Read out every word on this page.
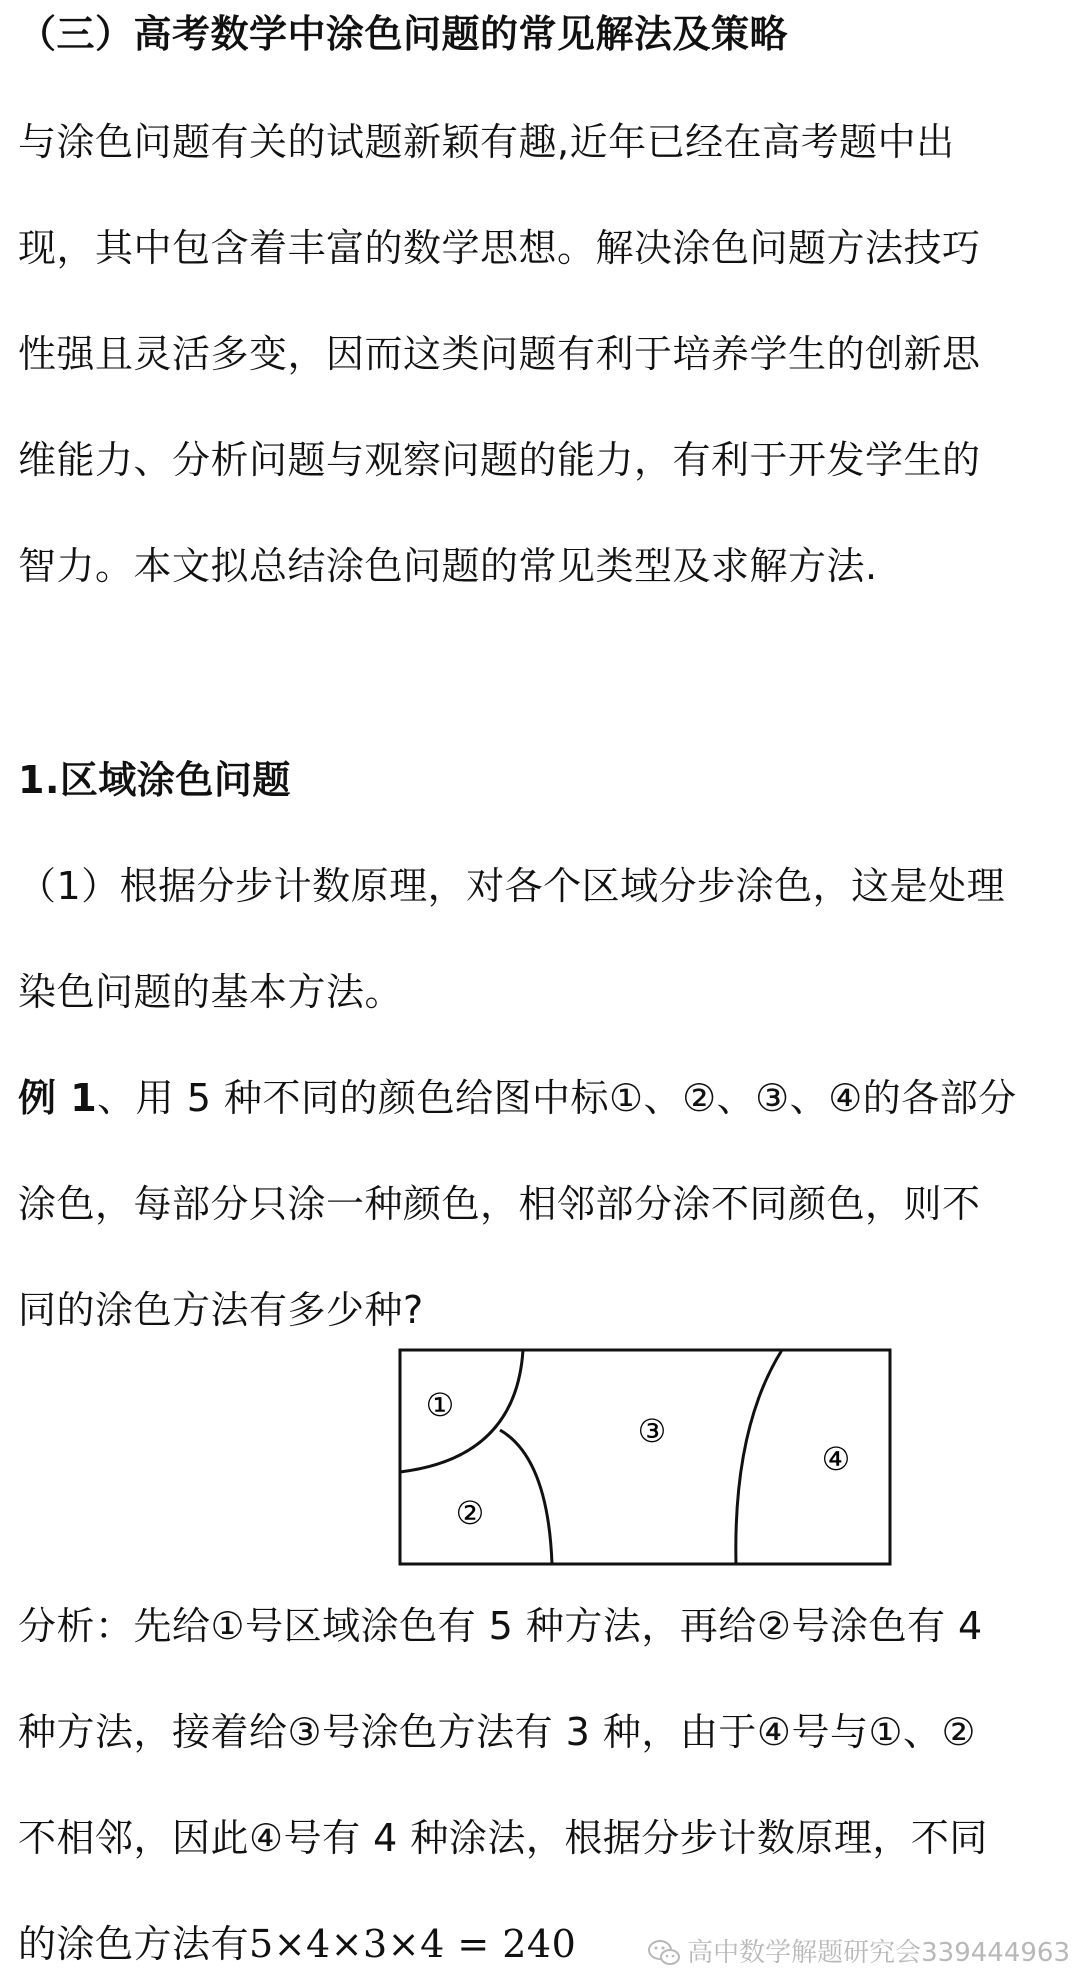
（三）高考数学中涂色问题的常见解法及策略
与涂色问题有关的试题新颖有趣,近年已经在高考题中出
现，其中包含着丰富的数学思想。解决涂色问题方法技巧
性强且灵活多变，因而这类问题有利于培养学生的创新思
维能力、分析问题与观察问题的能力，有利于开发学生的
智力。本文拟总结涂色问题的常见类型及求解方法.
1.区域涂色问题
（1）根据分步计数原理，对各个区域分步涂色，这是处理
染色问题的基本方法。
例 1、用 5 种不同的颜色给图中标①、②、③、④的各部分
涂色，每部分只涂一种颜色，相邻部分涂不同颜色，则不
同的涂色方法有多少种?
①
②
③
④
分析：先给①号区域涂色有 5 种方法，再给②号涂色有 4
种方法，接着给③号涂色方法有 3 种，由于④号与①、②
不相邻，因此④号有 4 种涂法，根据分步计数原理，不同
的涂色方法有5×4×3×4 = 240	高中数学解题研究会339444963
